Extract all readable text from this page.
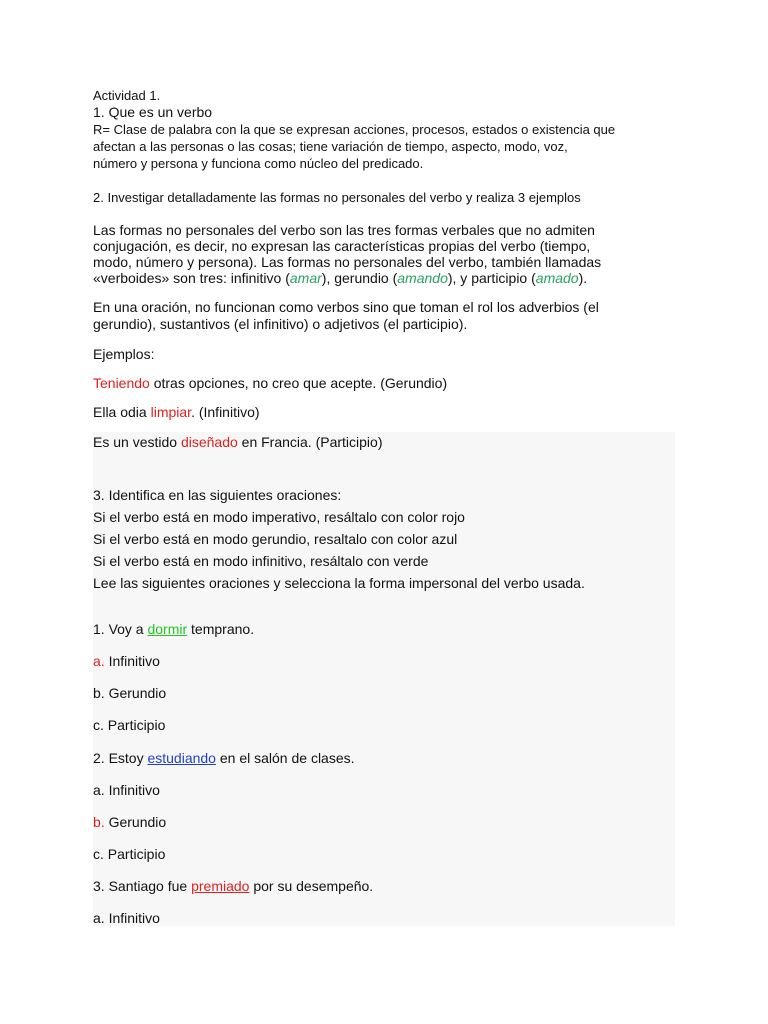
Actividad 1.
1. Que es un verbo
R= Clase de palabra con la que se expresan acciones, procesos, estados o existencia que
afectan a las personas o las cosas; tiene variación de tiempo, aspecto, modo, voz,
número y persona y funciona como núcleo del predicado.
2. Investigar detalladamente las formas no personales del verbo y realiza 3 ejemplos
Las formas no personales del verbo son las tres formas verbales que no admiten
conjugación, es decir, no expresan las características propias del verbo (tiempo,
modo, número y persona). Las formas no personales del verbo, también llamadas
«verboides» son tres: infinitivo (amar), gerundio (amando), y participio (amado).
En una oración, no funcionan como verbos sino que toman el rol los adverbios (el
gerundio), sustantivos (el infinitivo) o adjetivos (el participio).
Ejemplos:
Teniendo otras opciones, no creo que acepte. (Gerundio)
Ella odia limpiar. (Infinitivo)
Es un vestido diseñado en Francia. (Participio)
3. Identifica en las siguientes oraciones:
Si el verbo está en modo imperativo, resáltalo con color rojo
Si el verbo está en modo gerundio, resaltalo con color azul
Si el verbo está en modo infinitivo, resáltalo con verde
Lee las siguientes oraciones y selecciona la forma impersonal del verbo usada.
1. Voy a dormir temprano.
a. Infinitivo
b. Gerundio
c. Participio
2. Estoy estudiando en el salón de clases.
a. Infinitivo
b. Gerundio
c. Participio
3. Santiago fue premiado por su desempeño.
a. Infinitivo
